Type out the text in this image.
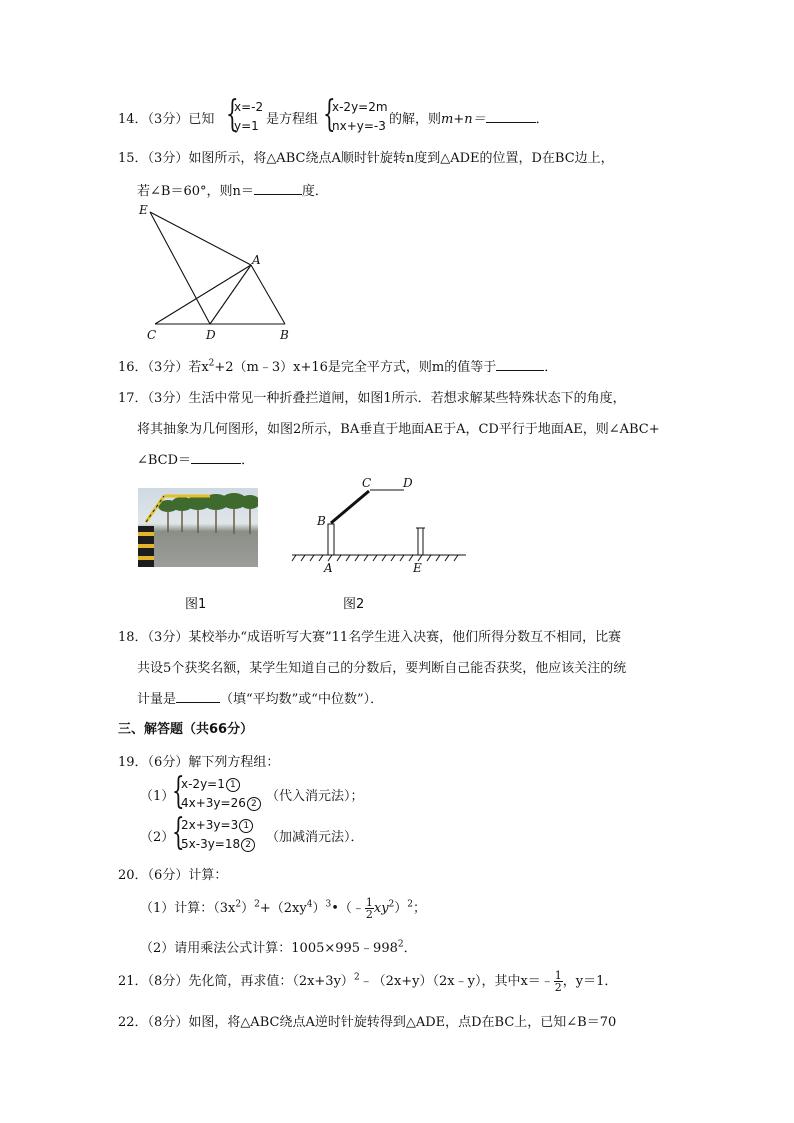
14．（3分）已知 {
x=-2
y=1 是方程组 {
x-2y=2m
nx+y=-3 的解，则m+n＝	．
15．（3分）如图所示，将△ABC绕点A顺时针旋转n度到△ADE的位置，D在BC边上，
若∠B＝60°，则n＝	度．
E
A
C	D	B
16．（3分）若$x^2+2(m﹣3)x+16$是完全平方式，则m的值等于	．
17．（3分）生活中常见一种折叠拦道闸，如图1所示．若想求解某些特殊状态下的角度，
将其抽象为几何图形，如图2所示，BA垂直于地面AE于A，CD平行于地面AE，则∠ABC+
∠BCD＝	．
图1
C	D
B
A	E
图2
18．（3分）某校举办“成语听写大赛”11名学生进入决赛，他们所得分数互不相同，比赛
共设5个获奖名额，某学生知道自己的分数后，要判断自己能否获奖，他应该关注的统
计量是	（填“平均数”或“中位数”）．
三、解答题（共66分）
19．（6分）解下列方程组：
（1）
{
x-2y=1 1
4x+3y=26 2 （代入消元法）；
（2）
{
2x+3y=3 1
5x-3y=18 2	（加减消元法）．
20．（6分）计算：
（1）计算：$(3x^2)^2+(2xy^4)^3•(﹣ \frac{1}{2} xy^2)^2$；
（2）请用乘法公式计算：$1005\times 995﹣998^2$．
21．（8分）先化简，再求值：$(2x+3y)^2﹣(2x+y)(2x﹣y)$，其中x＝﹣ $\frac{1}{2}$ ，y＝1．
22．（8分）如图，将△ABC绕点A逆时针旋转得到△ADE，点D在BC上，已知∠B＝70
